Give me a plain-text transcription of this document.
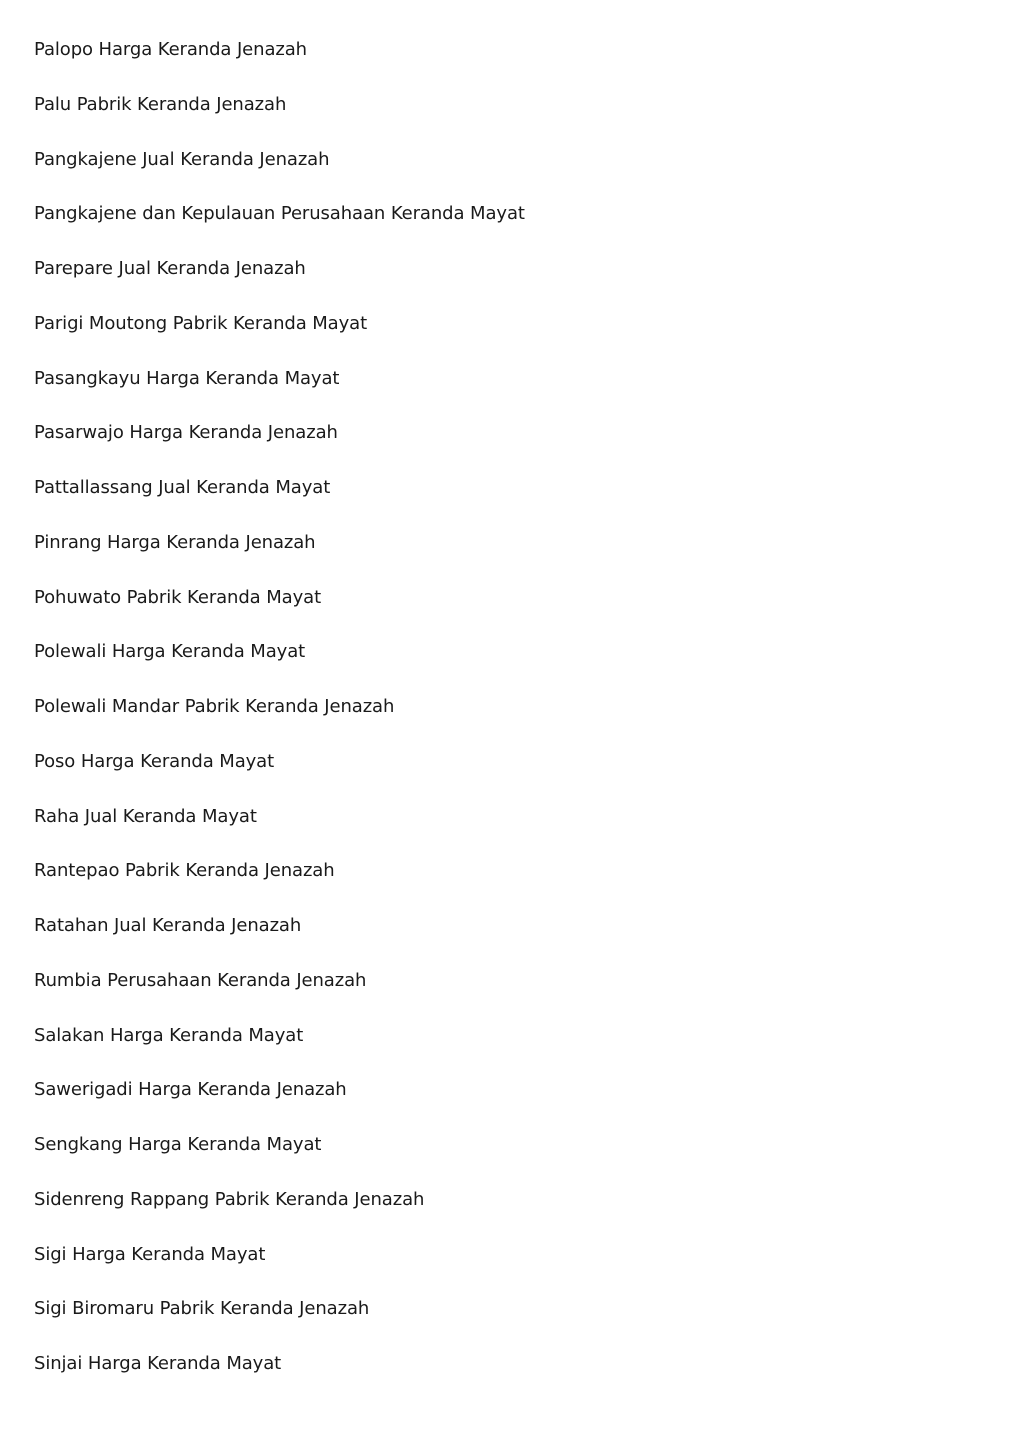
Palopo Harga Keranda Jenazah
Palu Pabrik Keranda Jenazah
Pangkajene Jual Keranda Jenazah
Pangkajene dan Kepulauan Perusahaan Keranda Mayat
Parepare Jual Keranda Jenazah
Parigi Moutong Pabrik Keranda Mayat
Pasangkayu Harga Keranda Mayat
Pasarwajo Harga Keranda Jenazah
Pattallassang Jual Keranda Mayat
Pinrang Harga Keranda Jenazah
Pohuwato Pabrik Keranda Mayat
Polewali Harga Keranda Mayat
Polewali Mandar Pabrik Keranda Jenazah
Poso Harga Keranda Mayat
Raha Jual Keranda Mayat
Rantepao Pabrik Keranda Jenazah
Ratahan Jual Keranda Jenazah
Rumbia Perusahaan Keranda Jenazah
Salakan Harga Keranda Mayat
Sawerigadi Harga Keranda Jenazah
Sengkang Harga Keranda Mayat
Sidenreng Rappang Pabrik Keranda Jenazah
Sigi Harga Keranda Mayat
Sigi Biromaru Pabrik Keranda Jenazah
Sinjai Harga Keranda Mayat
